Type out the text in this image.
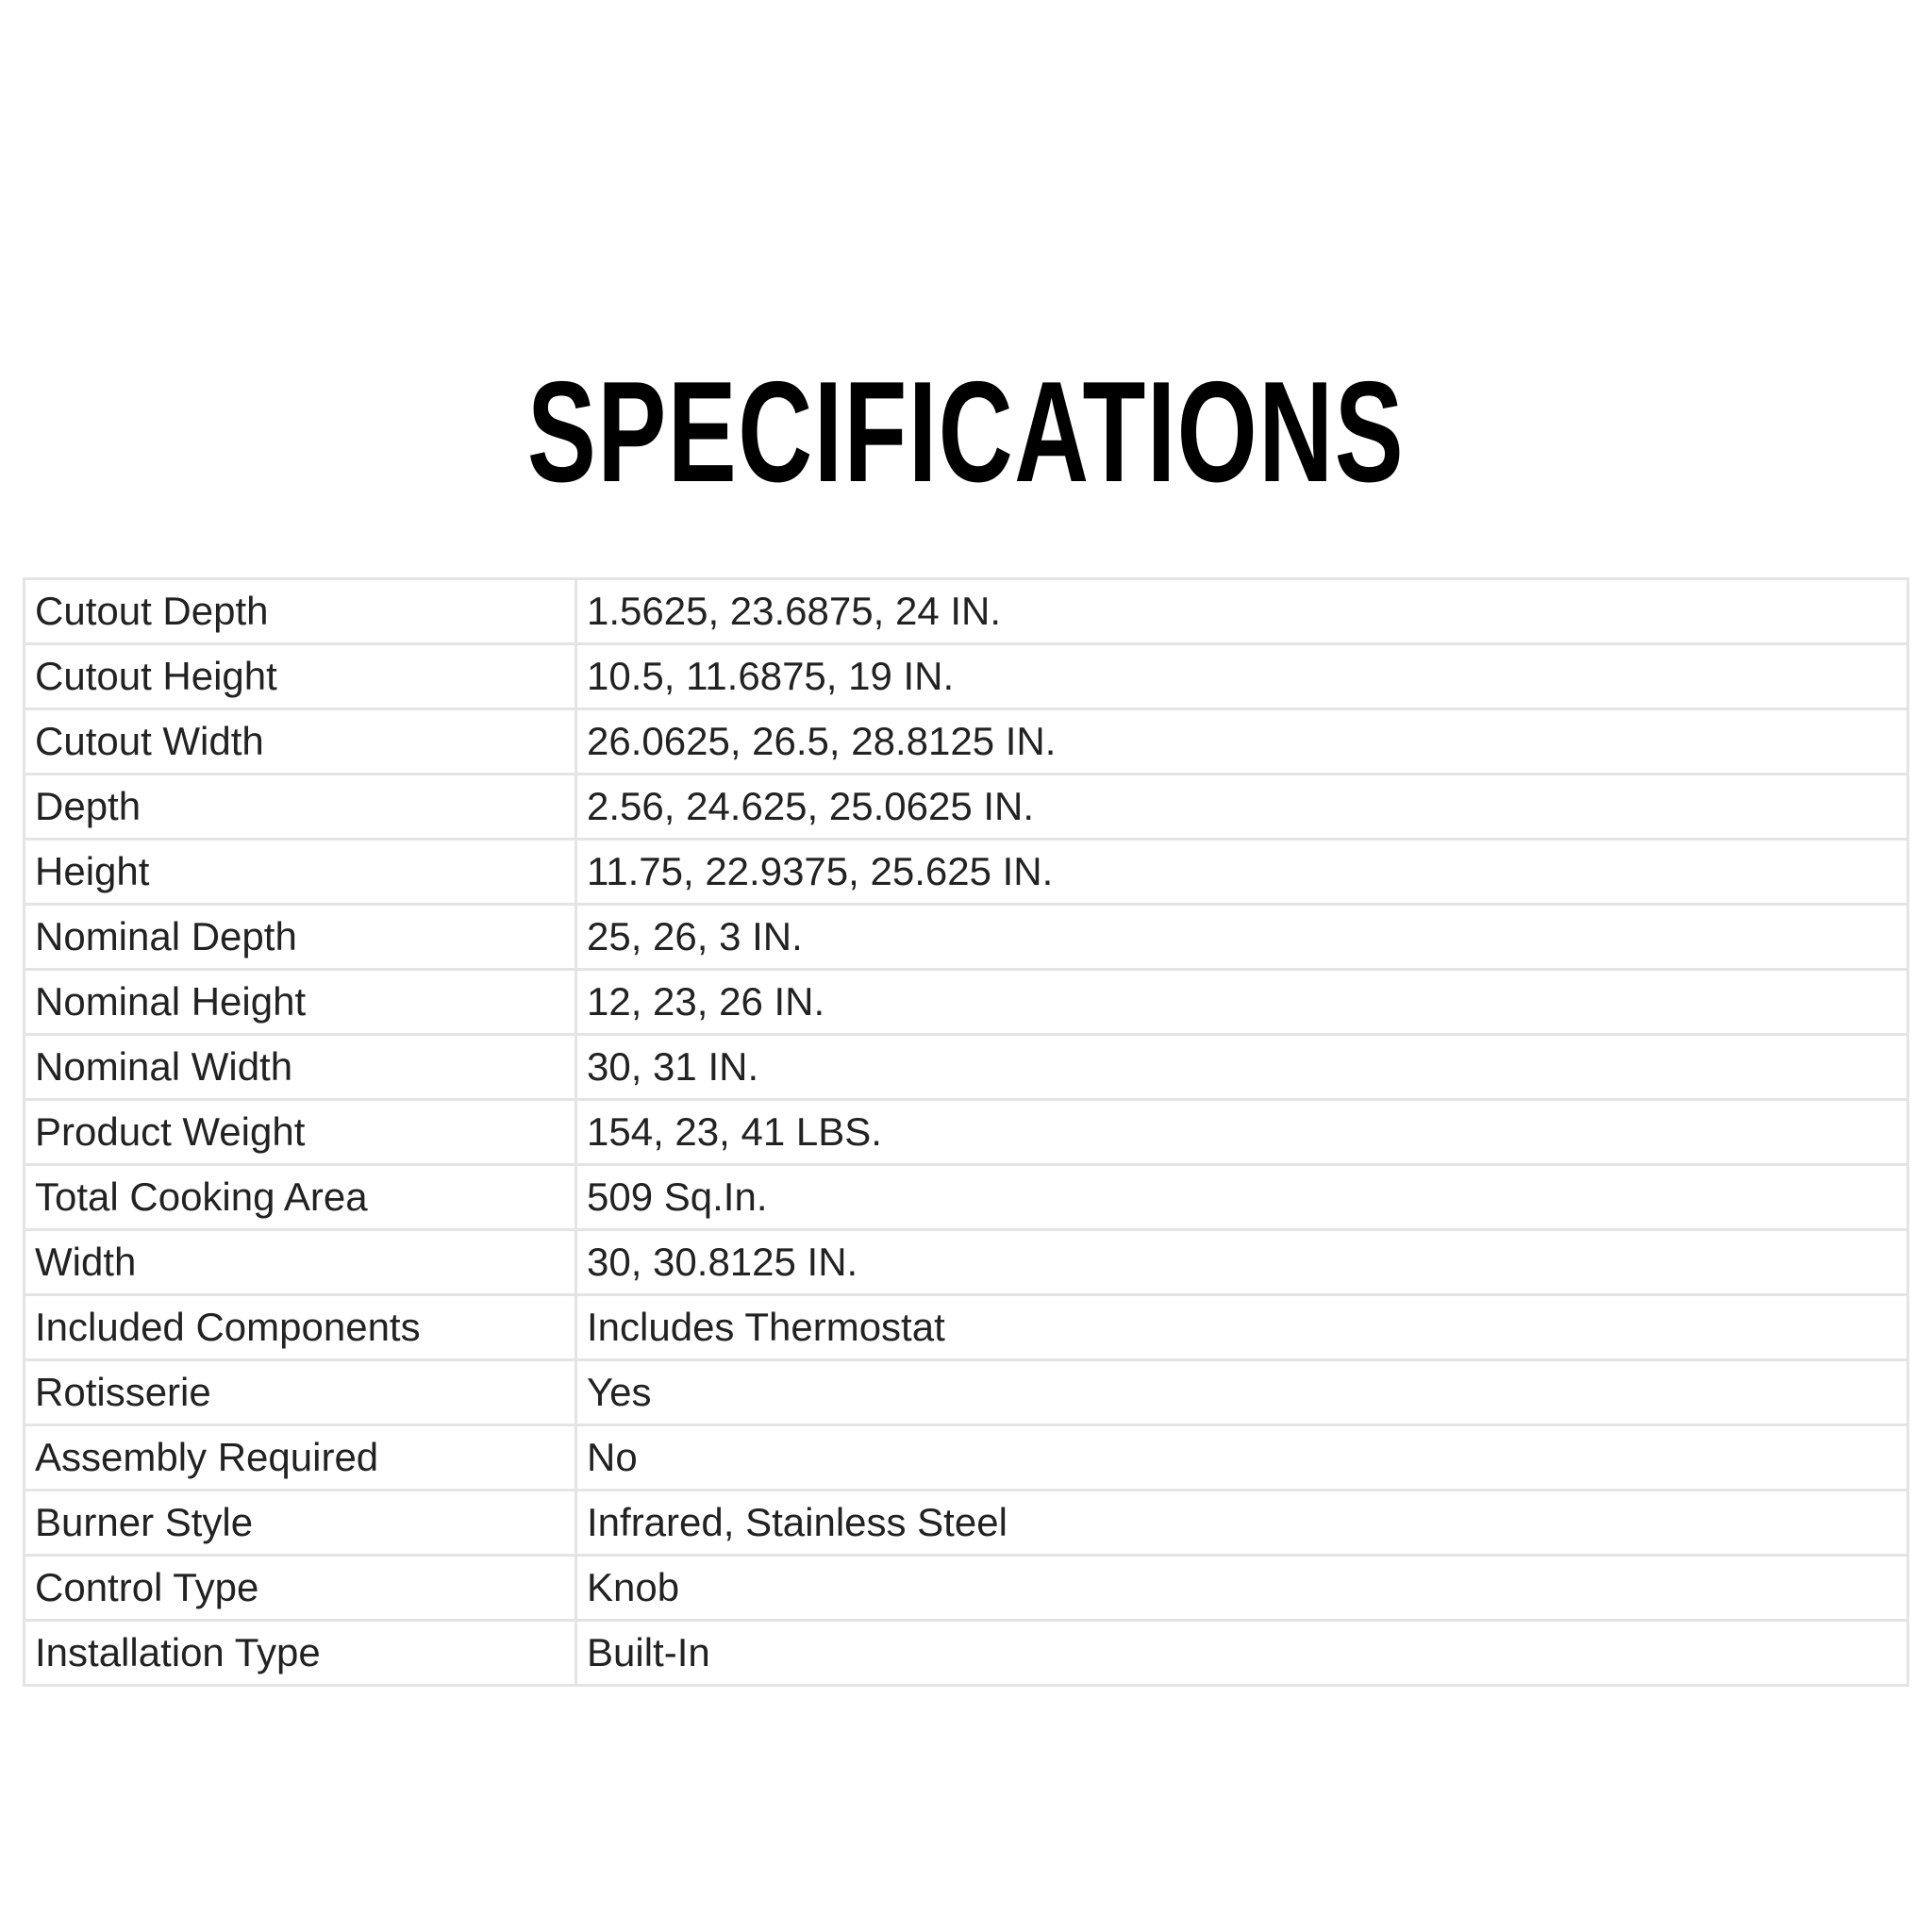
SPECIFICATIONS
Cutout Depth	1.5625, 23.6875, 24 IN.
Cutout Height	10.5, 11.6875, 19 IN.
Cutout Width	26.0625, 26.5, 28.8125 IN.
Depth	2.56, 24.625, 25.0625 IN.
Height	11.75, 22.9375, 25.625 IN.
Nominal Depth	25, 26, 3 IN.
Nominal Height	12, 23, 26 IN.
Nominal Width	30, 31 IN.
Product Weight	154, 23, 41 LBS.
Total Cooking Area	509 Sq.In.
Width	30, 30.8125 IN.
Included Components	Includes Thermostat
Rotisserie	Yes
Assembly Required	No
Burner Style	Infrared, Stainless Steel
Control Type	Knob
Installation Type	Built-In
